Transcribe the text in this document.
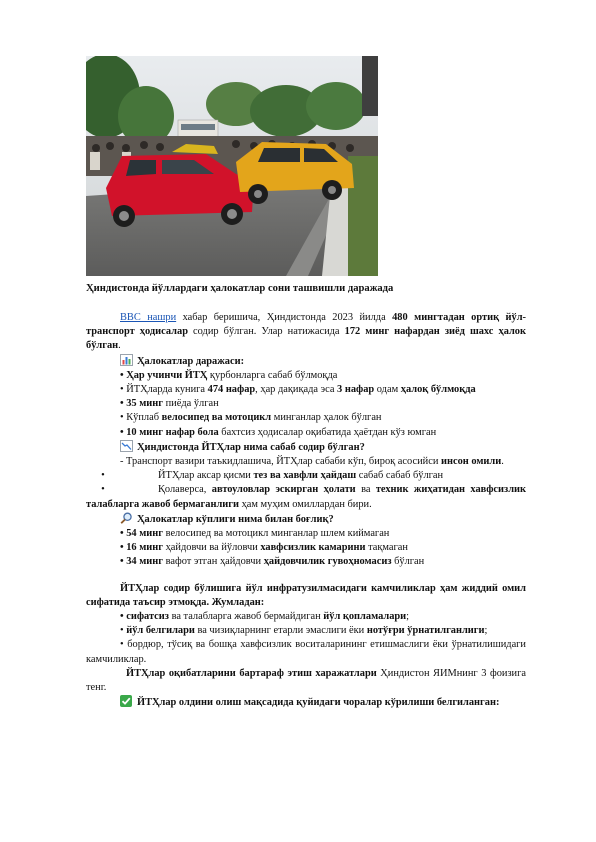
Ҳиндистонда йўллардаги ҳалокатлар сони ташвишли даражада

BBC нашри хабар беришича, Ҳиндистонда 2023 йилда 480 мингтадан ортиқ йўл-транспорт ҳодисалар содир бўлган. Улар натижасида 172 минг нафардан зиёд шахс ҳалок бўлган.

Ҳалокатлар даражаси:

• Ҳар учинчи ЙТҲ қурбонларга сабаб бўлмоқда

• ЙТҲларда кунига 474 нафар, ҳар дақиқада эса 3 нафар одам ҳалоқ бўлмоқда

• 35 минг пиёда ўлган

• Кўплаб велосипед ва мотоцикл минганлар ҳалок бўлган

• 10 минг нафар бола бахтсиз ҳодисалар оқибатида ҳаётдан кўз юмган

Ҳиндистонда ЙТҲлар нима сабаб содир бўлган?

- Транспорт вазири таъкидлашича, ЙТҲлар сабаби кўп, бироқ асосийси инсон омили.

•	ЙТҲлар аксар қисми тез ва хавфли ҳайдаш сабаб сабаб бўлган

•	Қолаверса, автоуловлар эскирган ҳолати ва техник жиҳатидан хавфсизлик талабларга жавоб бермаганлиги ҳам муҳим омиллардан бири.

Ҳалокатлар кўплиги нима билан боғлиқ?

• 54 минг велосипед ва мотоцикл минганлар шлем киймаган

• 16 минг ҳайдовчи ва йўловчи хавфсизлик камарини тақмаган

• 34 минг вафот этган ҳайдовчи ҳайдовчилик гувоҳномасиз бўлган

ЙТҲлар содир бўлишига йўл инфратузилмасидаги камчиликлар ҳам жиддий омил сифатида таъсир этмоқда. Жумладан:

• сифатсиз ва талабларга жавоб бермайдиган йўл қопламалари;

• йўл белгилари ва чизиқларнинг етарли эмаслиги ёки нотўғри ўрнатилганлиги;

• бордюр, тўсиқ ва бошқа хавфсизлик воситаларининг етишмаслиги ёки ўрнатилишидаги камчиликлар.

ЙТҲлар оқибатларини бартараф этиш харажатлари Ҳиндистон ЯИМнинг 3 фоизига тенг.

ЙТҲлар олдини олиш мақсадида қуйидаги чоралар кўрилиши белгиланган:
